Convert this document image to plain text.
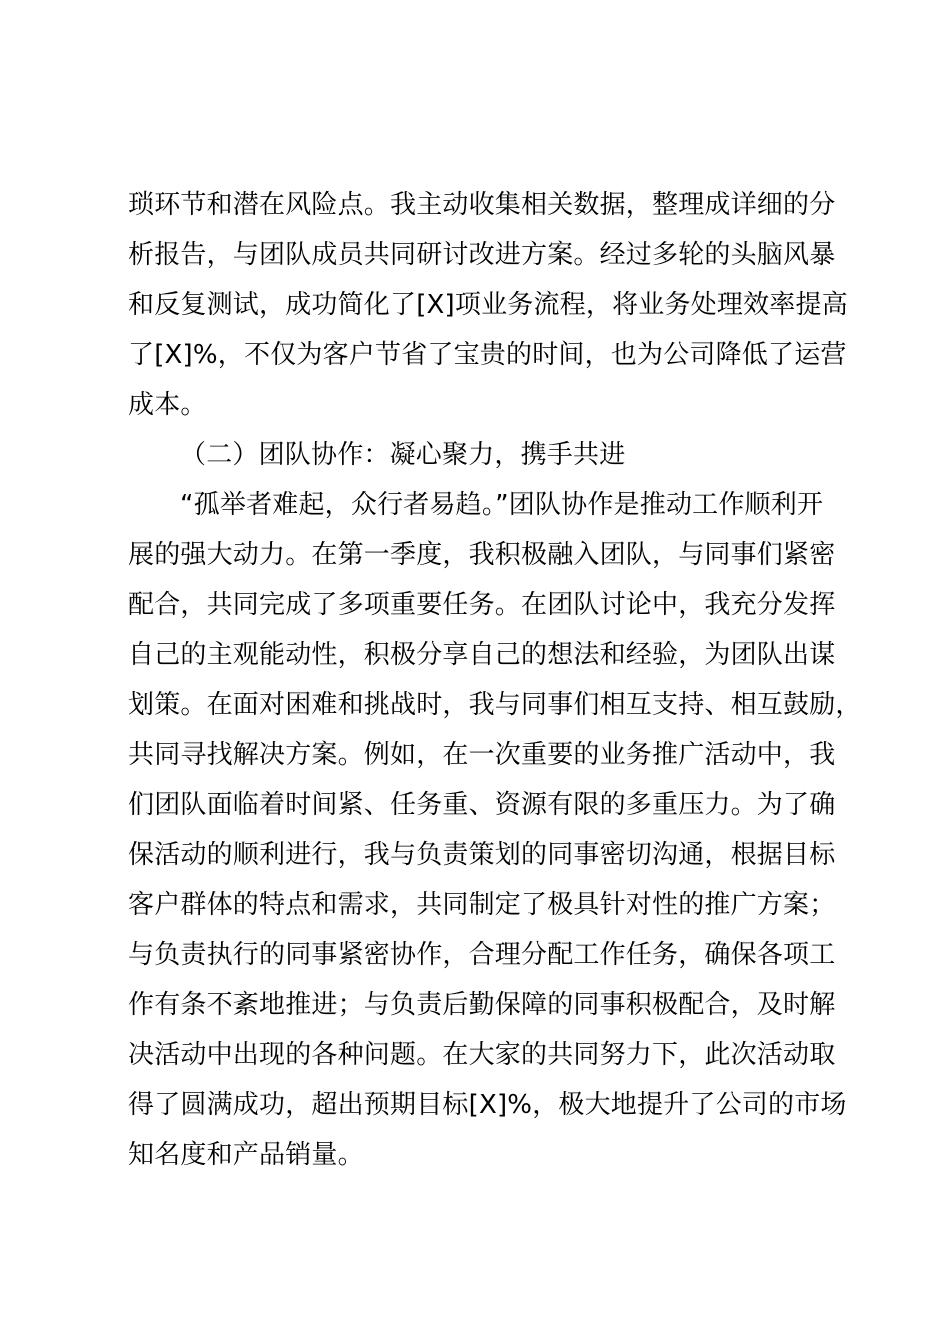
琐环节和潜在风险点。我主动收集相关数据，整理成详细的分
析报告，与团队成员共同研讨改进方案。经过多轮的头脑风暴
和反复测试，成功简化了[X]项业务流程，将业务处理效率提高
了[X]%，不仅为客户节省了宝贵的时间，也为公司降低了运营
成本。
（二）团队协作：凝心聚力，携手共进
“孤举者难起，众行者易趋。”团队协作是推动工作顺利开
展的强大动力。在第一季度，我积极融入团队，与同事们紧密
配合，共同完成了多项重要任务。在团队讨论中，我充分发挥
自己的主观能动性，积极分享自己的想法和经验，为团队出谋
划策。在面对困难和挑战时，我与同事们相互支持、相互鼓励，
共同寻找解决方案。例如，在一次重要的业务推广活动中，我
们团队面临着时间紧、任务重、资源有限的多重压力。为了确
保活动的顺利进行，我与负责策划的同事密切沟通，根据目标
客户群体的特点和需求，共同制定了极具针对性的推广方案；
与负责执行的同事紧密协作，合理分配工作任务，确保各项工
作有条不紊地推进；与负责后勤保障的同事积极配合，及时解
决活动中出现的各种问题。在大家的共同努力下，此次活动取
得了圆满成功，超出预期目标[X]%，极大地提升了公司的市场
知名度和产品销量。
